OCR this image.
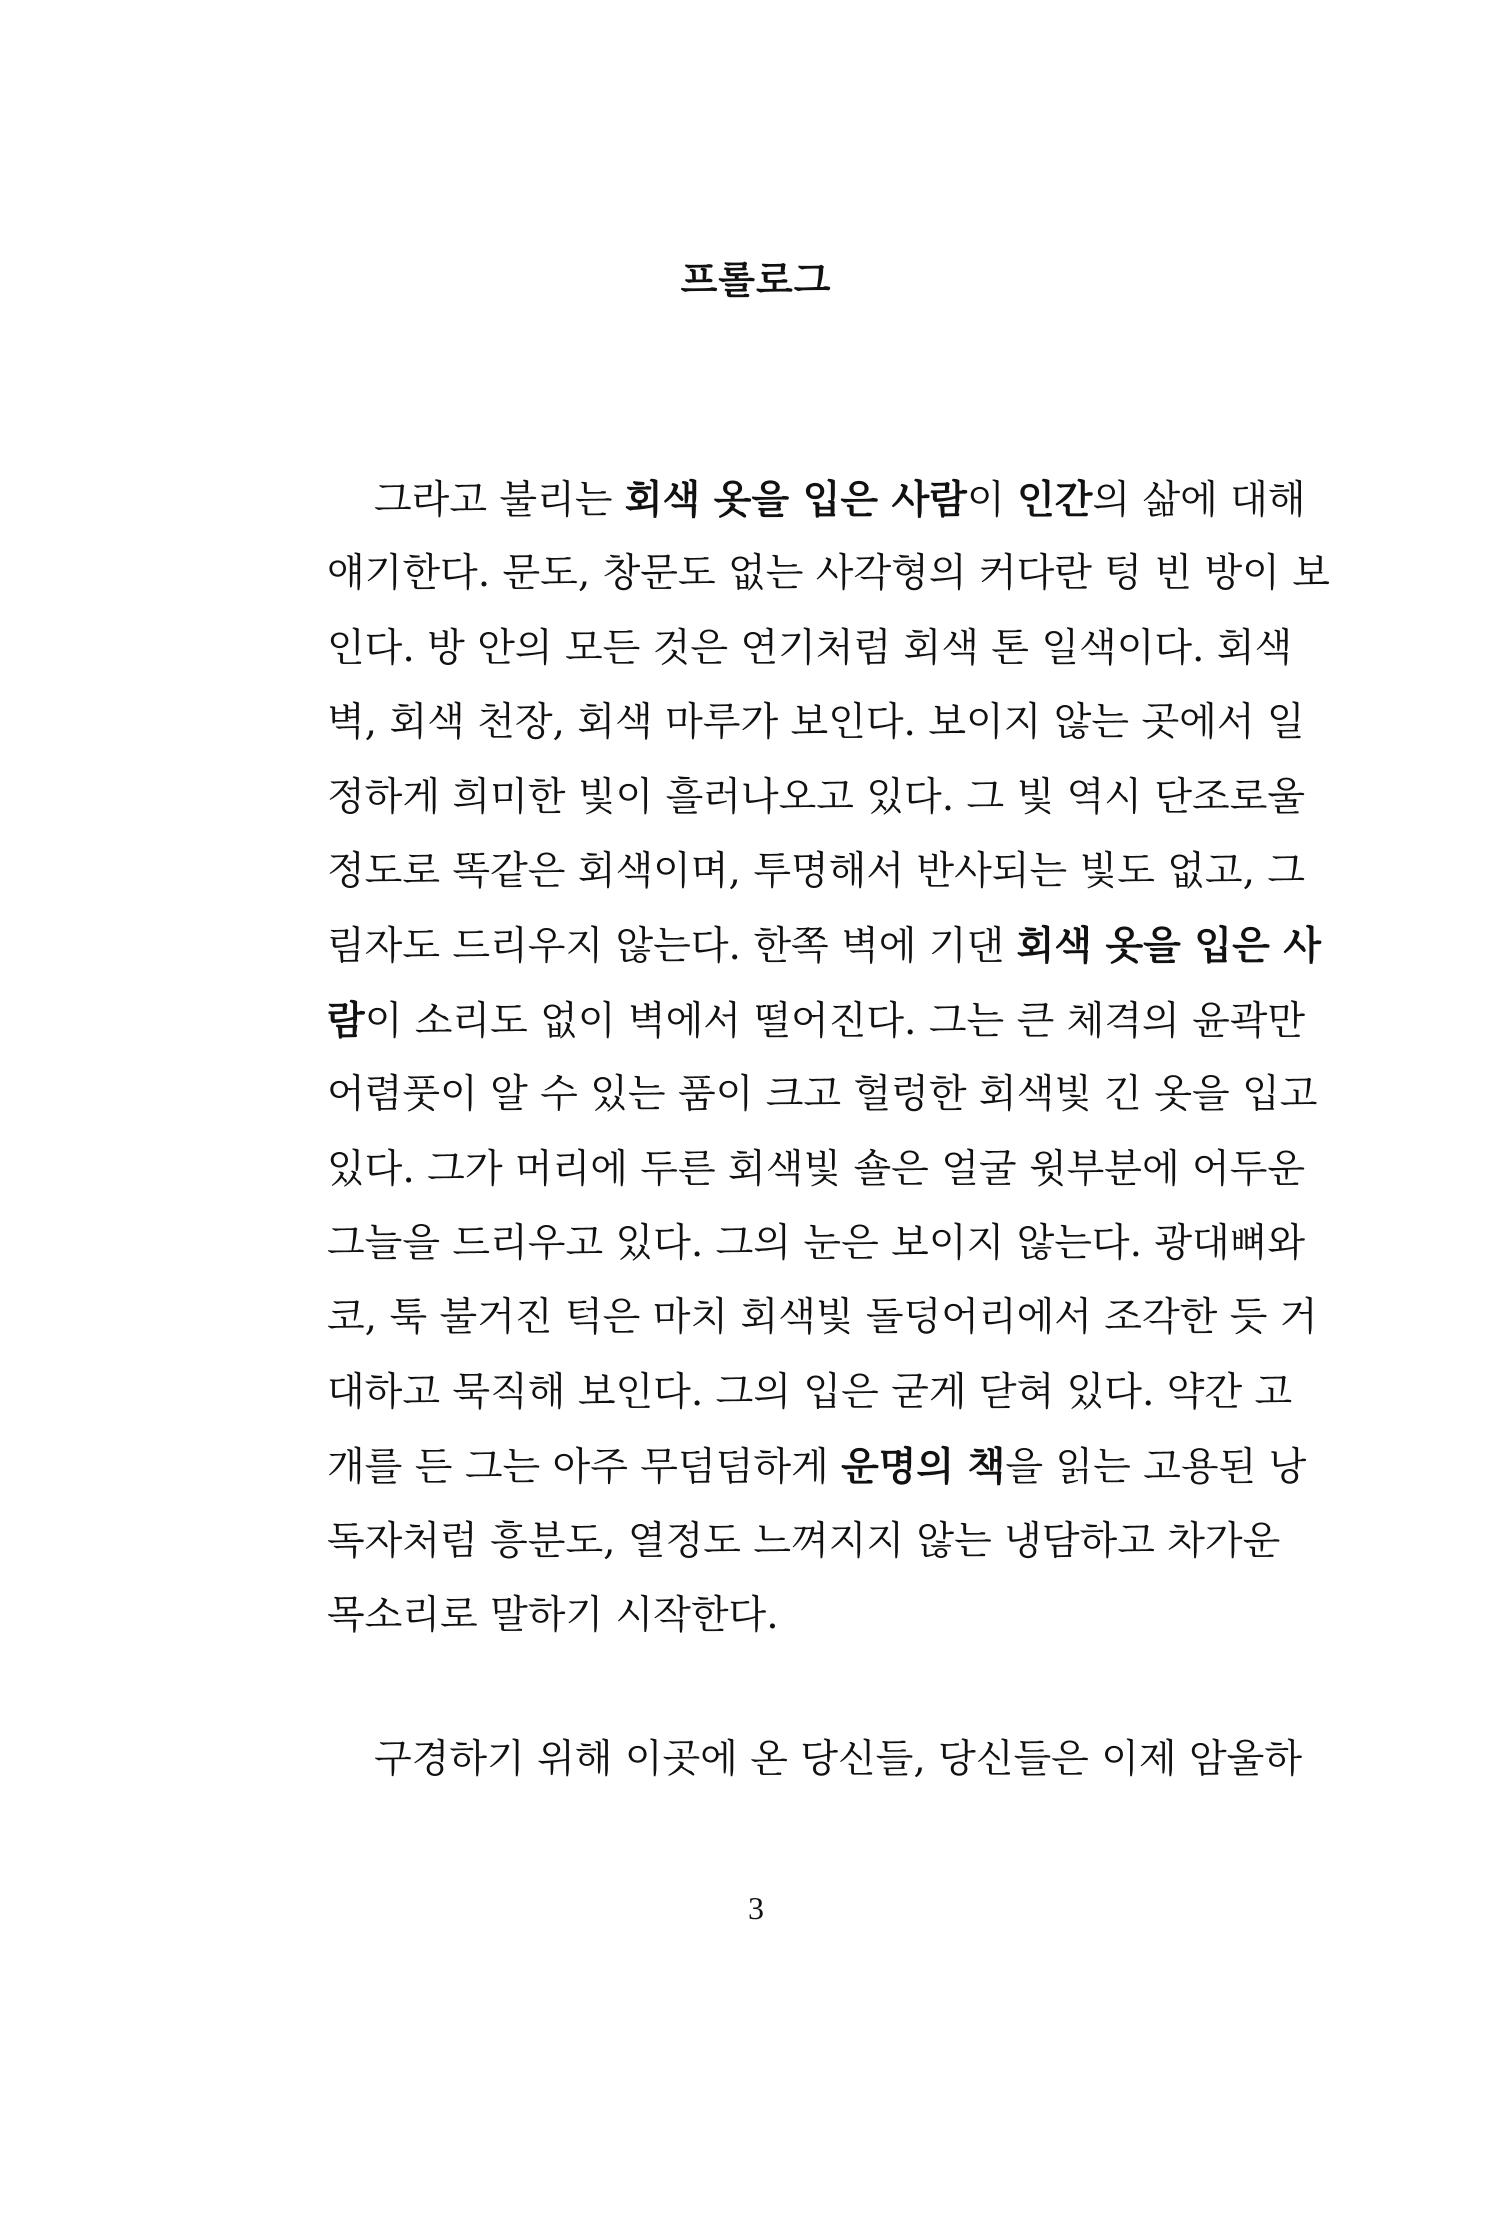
프롤로그
그라고 불리는 회색 옷을 입은 사람이 인간의 삶에 대해
얘기한다. 문도, 창문도 없는 사각형의 커다란 텅 빈 방이 보
인다. 방 안의 모든 것은 연기처럼 회색 톤 일색이다. 회색
벽, 회색 천장, 회색 마루가 보인다. 보이지 않는 곳에서 일
정하게 희미한 빛이 흘러나오고 있다. 그 빛 역시 단조로울
정도로 똑같은 회색이며, 투명해서 반사되는 빛도 없고, 그
림자도 드리우지 않는다. 한쪽 벽에 기댄 회색 옷을 입은 사
람이 소리도 없이 벽에서 떨어진다. 그는 큰 체격의 윤곽만
어렴풋이 알 수 있는 품이 크고 헐렁한 회색빛 긴 옷을 입고
있다. 그가 머리에 두른 회색빛 숄은 얼굴 윗부분에 어두운
그늘을 드리우고 있다. 그의 눈은 보이지 않는다. 광대뼈와
코, 툭 불거진 턱은 마치 회색빛 돌덩어리에서 조각한 듯 거
대하고 묵직해 보인다. 그의 입은 굳게 닫혀 있다. 약간 고
개를 든 그는 아주 무덤덤하게 운명의 책을 읽는 고용된 낭
독자처럼 흥분도, 열정도 느껴지지 않는 냉담하고 차가운
목소리로 말하기 시작한다.
구경하기 위해 이곳에 온 당신들, 당신들은 이제 암울하
3
